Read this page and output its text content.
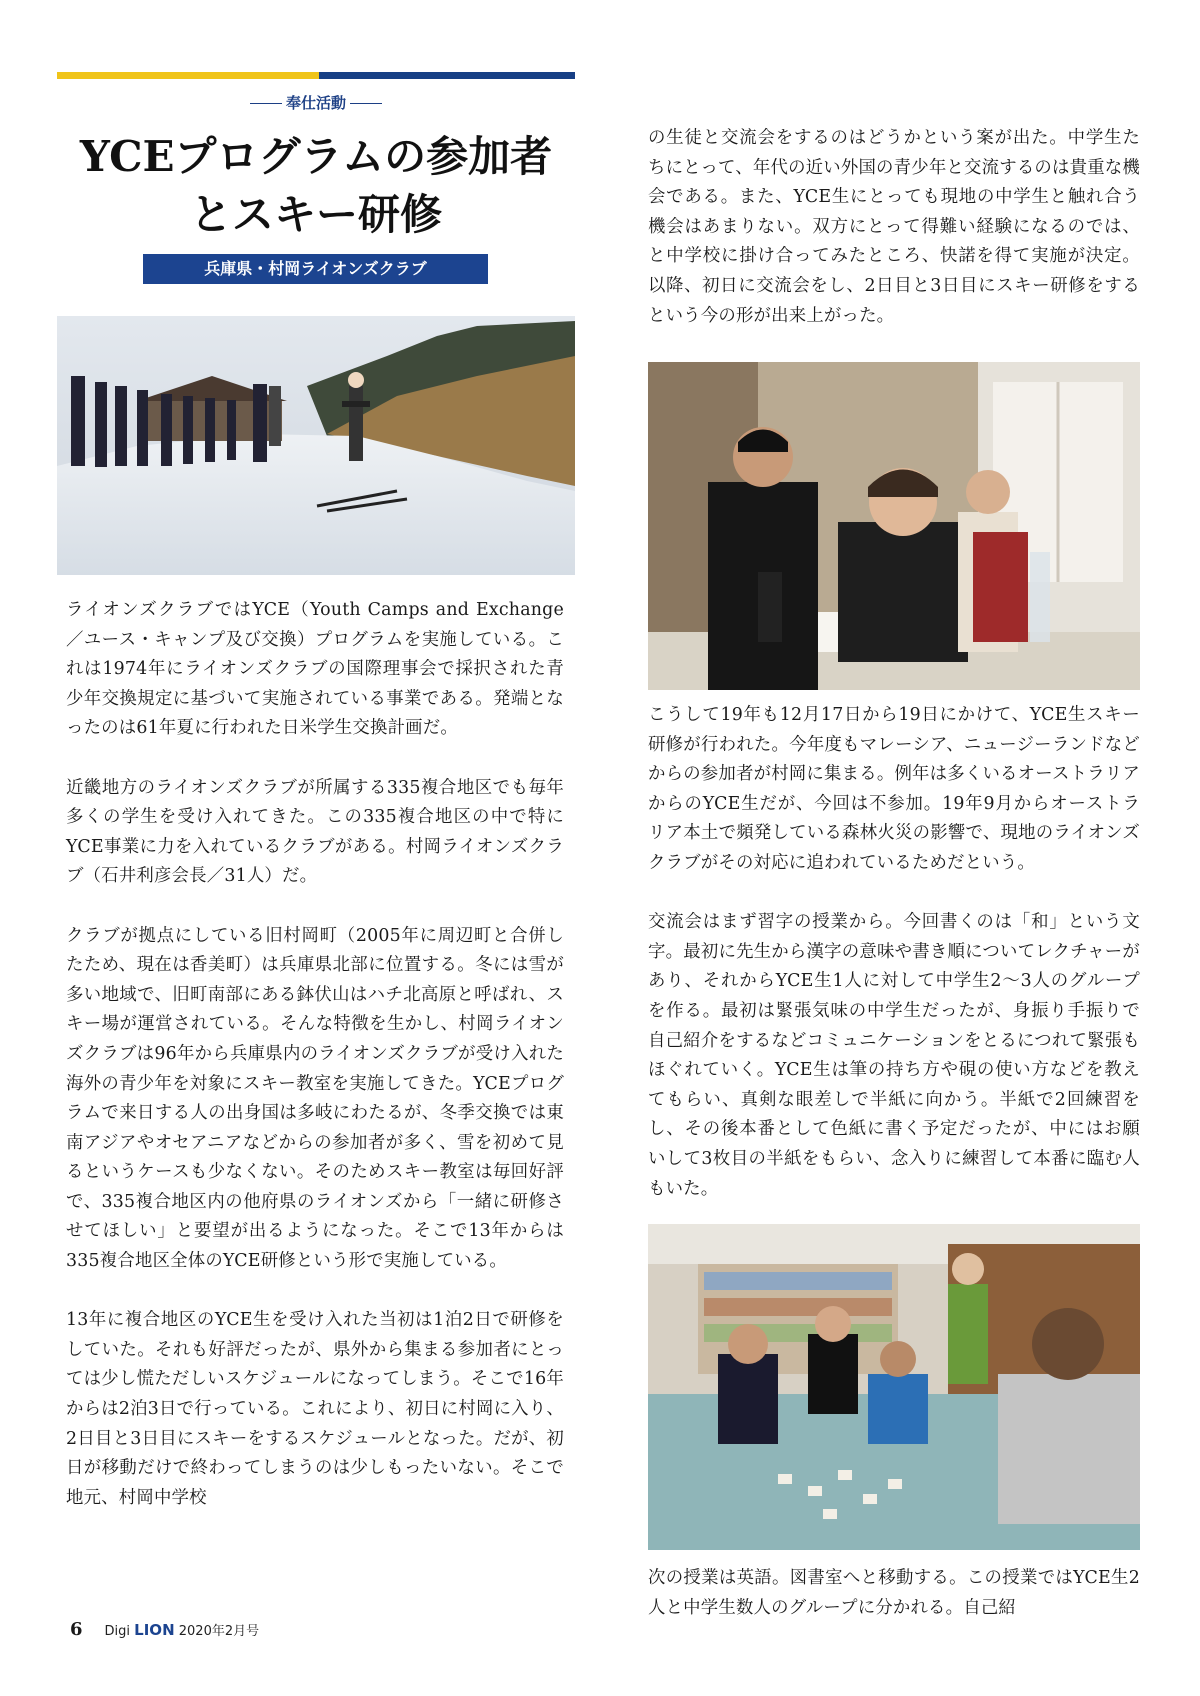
奉仕活動
YCEプログラムの参加者
とスキー研修
兵庫県・村岡ライオンズクラブ

ライオンズクラブではYCE（Youth Camps and Exchange／ユース・キャンプ及び交換）プログラムを実施している。これは1974年にライオンズクラブの国際理事会で採択された青少年交換規定に基づいて実施されている事業である。発端となったのは61年夏に行われた日米学生交換計画だ。

近畿地方のライオンズクラブが所属する335複合地区でも毎年多くの学生を受け入れてきた。この335複合地区の中で特にYCE事業に力を入れているクラブがある。村岡ライオンズクラブ（石井利彦会長／31人）だ。

クラブが拠点にしている旧村岡町（2005年に周辺町と合併したため、現在は香美町）は兵庫県北部に位置する。冬には雪が多い地域で、旧町南部にある鉢伏山はハチ北高原と呼ばれ、スキー場が運営されている。そんな特徴を生かし、村岡ライオンズクラブは96年から兵庫県内のライオンズクラブが受け入れた海外の青少年を対象にスキー教室を実施してきた。YCEプログラムで来日する人の出身国は多岐にわたるが、冬季交換では東南アジアやオセアニアなどからの参加者が多く、雪を初めて見るというケースも少なくない。そのためスキー教室は毎回好評で、335複合地区内の他府県のライオンズから「一緒に研修させてほしい」と要望が出るようになった。そこで13年からは335複合地区全体のYCE研修という形で実施している。

13年に複合地区のYCE生を受け入れた当初は1泊2日で研修をしていた。それも好評だったが、県外から集まる参加者にとっては少し慌ただしいスケジュールになってしまう。そこで16年からは2泊3日で行っている。これにより、初日に村岡に入り、2日目と3日目にスキーをするスケジュールとなった。だが、初日が移動だけで終わってしまうのは少しもったいない。そこで地元、村岡中学校

の生徒と交流会をするのはどうかという案が出た。中学生たちにとって、年代の近い外国の青少年と交流するのは貴重な機会である。また、YCE生にとっても現地の中学生と触れ合う機会はあまりない。双方にとって得難い経験になるのでは、と中学校に掛け合ってみたところ、快諾を得て実施が決定。以降、初日に交流会をし、2日目と3日目にスキー研修をするという今の形が出来上がった。

こうして19年も12月17日から19日にかけて、YCE生スキー研修が行われた。今年度もマレーシア、ニュージーランドなどからの参加者が村岡に集まる。例年は多くいるオーストラリアからのYCE生だが、今回は不参加。19年9月からオーストラリア本土で頻発している森林火災の影響で、現地のライオンズクラブがその対応に追われているためだという。

交流会はまず習字の授業から。今回書くのは「和」という文字。最初に先生から漢字の意味や書き順についてレクチャーがあり、それからYCE生1人に対して中学生2〜3人のグループを作る。最初は緊張気味の中学生だったが、身振り手振りで自己紹介をするなどコミュニケーションをとるにつれて緊張もほぐれていく。YCE生は筆の持ち方や硯の使い方などを教えてもらい、真剣な眼差しで半紙に向かう。半紙で2回練習をし、その後本番として色紙に書く予定だったが、中にはお願いして3枚目の半紙をもらい、念入りに練習して本番に臨む人もいた。

次の授業は英語。図書室へと移動する。この授業ではYCE生2人と中学生数人のグループに分かれる。自己紹

6 Digi LION 2020年2月号
